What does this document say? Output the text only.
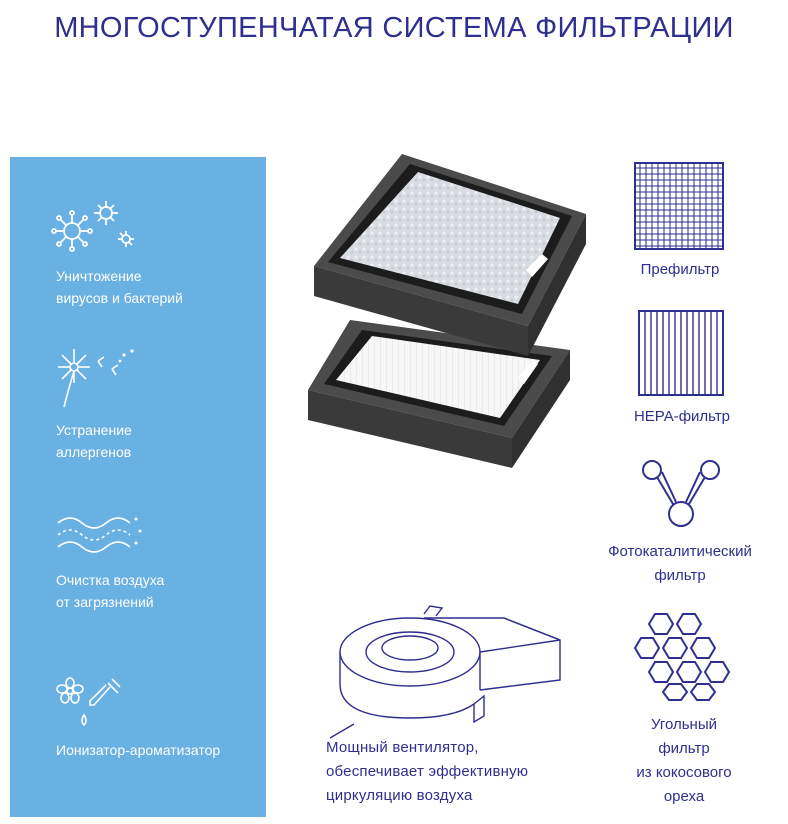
МНОГОСТУПЕНЧАТАЯ СИСТЕМА ФИЛЬТРАЦИИ
Уничтожение
вирусов и бактерий
Устранение
аллергенов
Очистка воздуха
от загрязнений
Ионизатор-ароматизатор	Мощный вентилятор,
обеспечивает эффективную
циркуляцию воздуха
Префильтр
HEPA-фильтр
Фотокаталитический
фильтр
Угольный
фильтр
из кокосового
ореха
